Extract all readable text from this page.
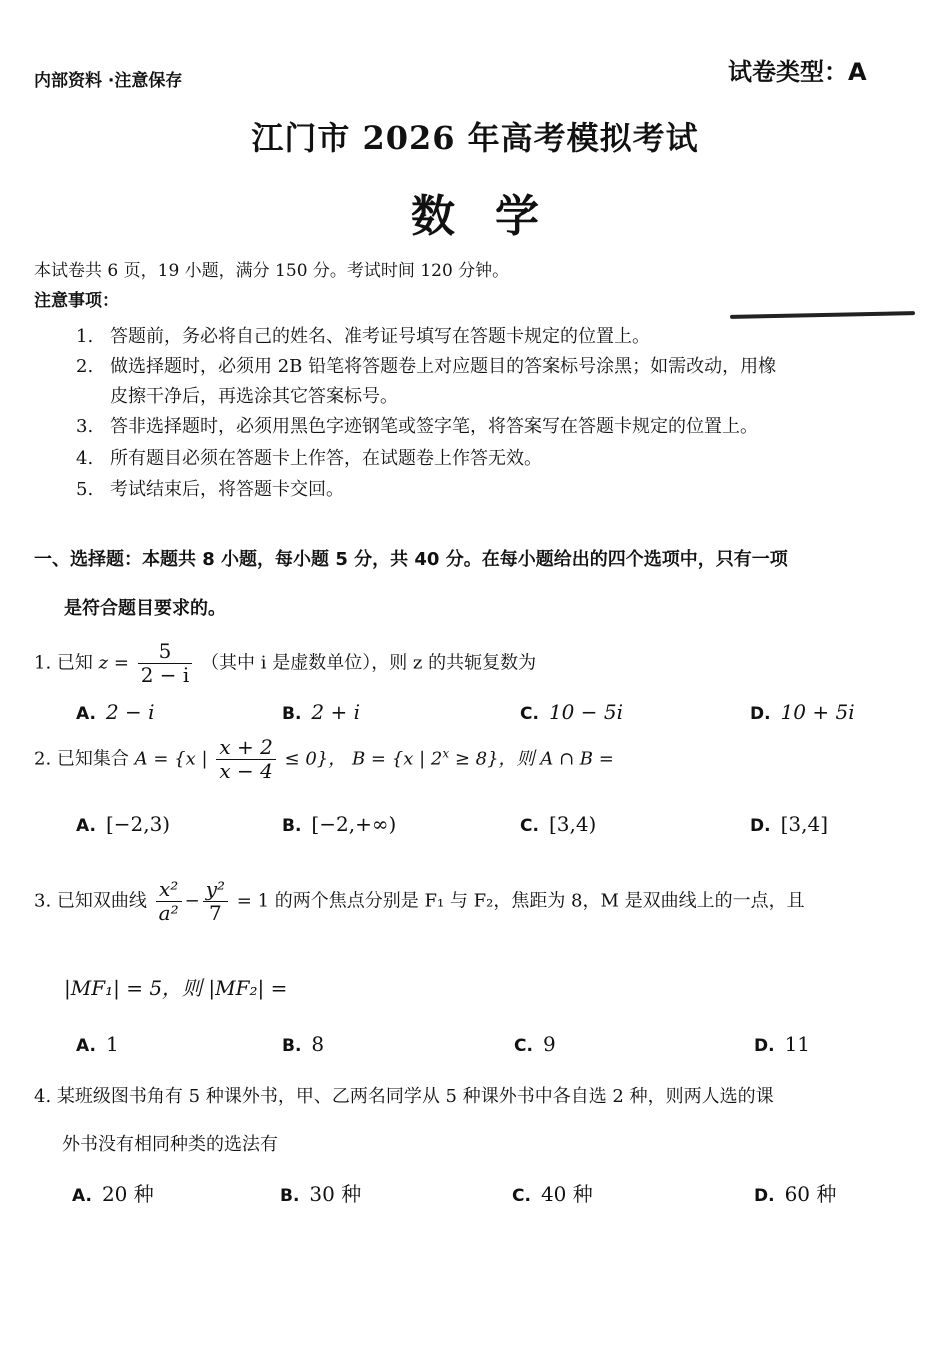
内部资料 ·注意保存	试卷类型：A
江门市 2026 年高考模拟考试
数学
本试卷共 6 页，19 小题，满分 150 分。考试时间 120 分钟。
注意事项：
1. 答题前，务必将自己的姓名、准考证号填写在答题卡规定的位置上。
2. 做选择题时，必须用 2B 铅笔将答题卷上对应题目的答案标号涂黑；如需改动，用橡
皮擦干净后，再选涂其它答案标号。
3. 答非选择题时，必须用黑色字迹钢笔或签字笔，将答案写在答题卡规定的位置上。
4. 所有题目必须在答题卡上作答，在试题卷上作答无效。
5. 考试结束后，将答题卡交回。
一、选择题：本题共 8 小题，每小题 5 分，共 40 分。在每小题给出的四个选项中，只有一项
是符合题目要求的。
1. 已知 $z = \frac{5}{2 - i}$ （其中 i 是虚数单位），则 z 的共轭复数为
A. 2 − i	B. 2 + i	C. 10 − 5i	D. 10 + 5i
2. 已知集合 A = {x | $\frac{x + 2}{x - 4} \le 0$}， B = {x | $2^x \ge 8$}，则 A ∩ B =
A. [−2,3)	B. [−2,+∞)	C. [3,4)	D. [3,4]
3. 已知双曲线 $\frac{\text{x²}}{\text{a²}} - \frac{\text{y²}}{7} = 1$ 的两个焦点分别是 F₁ 与 F₂，焦距为 8，M 是双曲线上的一点，且
|MF₁| = 5，则 |MF₂| =
A. 1	B. 8	C. 9	D. 11
4. 某班级图书角有 5 种课外书，甲、乙两名同学从 5 种课外书中各自选 2 种，则两人选的课
外书没有相同种类的选法有
A. 20 种	B. 30 种	C. 40 种	D. 60 种
